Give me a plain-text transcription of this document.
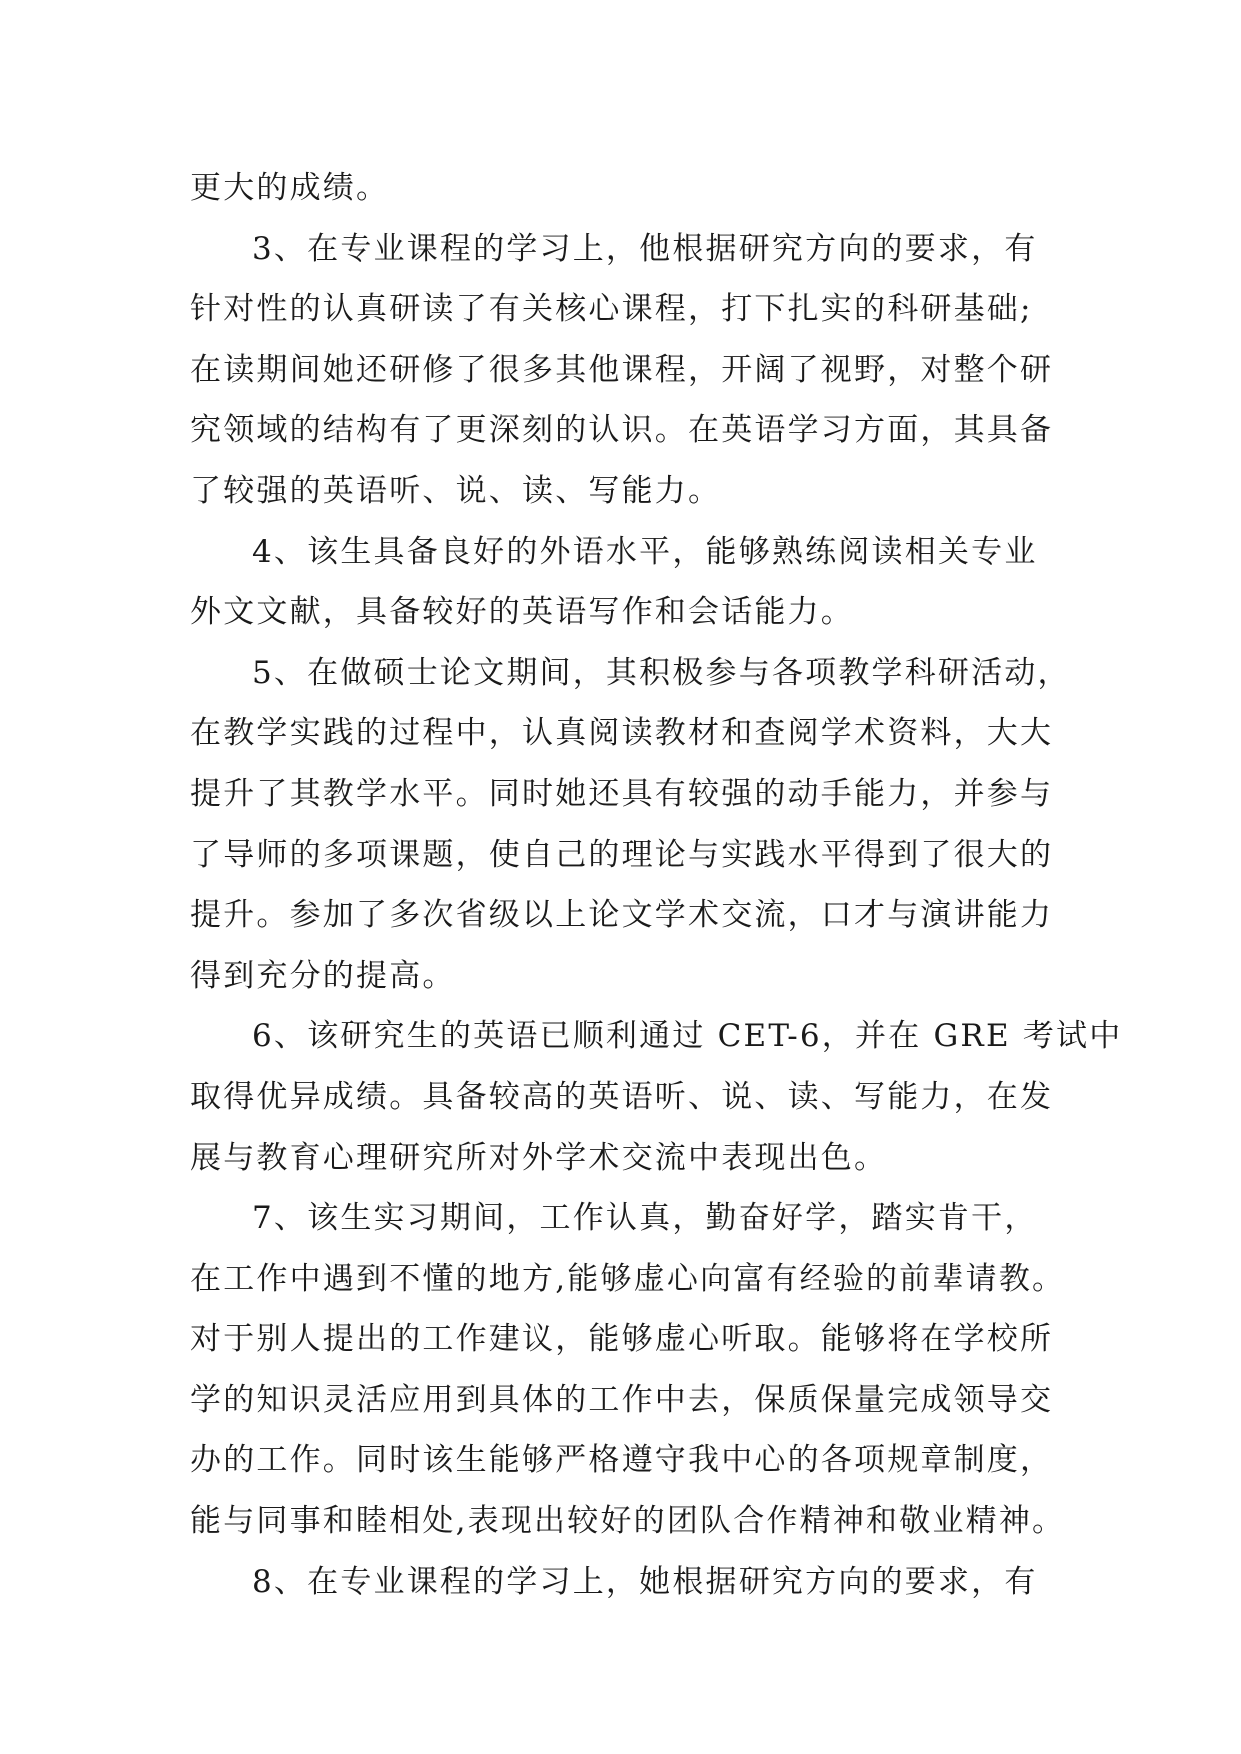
更大的成绩。
3、在专业课程的学习上，他根据研究方向的要求，有
针对性的认真研读了有关核心课程，打下扎实的科研基础;
在读期间她还研修了很多其他课程，开阔了视野，对整个研
究领域的结构有了更深刻的认识。在英语学习方面，其具备
了较强的英语听、说、读、写能力。
4、该生具备良好的外语水平，能够熟练阅读相关专业
外文文献，具备较好的英语写作和会话能力。
5、在做硕士论文期间，其积极参与各项教学科研活动，
在教学实践的过程中，认真阅读教材和查阅学术资料，大大
提升了其教学水平。同时她还具有较强的动手能力，并参与
了导师的多项课题，使自己的理论与实践水平得到了很大的
提升。参加了多次省级以上论文学术交流，口才与演讲能力
得到充分的提高。
6、该研究生的英语已顺利通过 CET-6，并在 GRE 考试中
取得优异成绩。具备较高的英语听、说、读、写能力，在发
展与教育心理研究所对外学术交流中表现出色。
7、该生实习期间，工作认真，勤奋好学，踏实肯干，
在工作中遇到不懂的地方,能够虚心向富有经验的前辈请教。
对于别人提出的工作建议，能够虚心听取。能够将在学校所
学的知识灵活应用到具体的工作中去，保质保量完成领导交
办的工作。同时该生能够严格遵守我中心的各项规章制度，
能与同事和睦相处,表现出较好的团队合作精神和敬业精神。
8、在专业课程的学习上，她根据研究方向的要求，有
